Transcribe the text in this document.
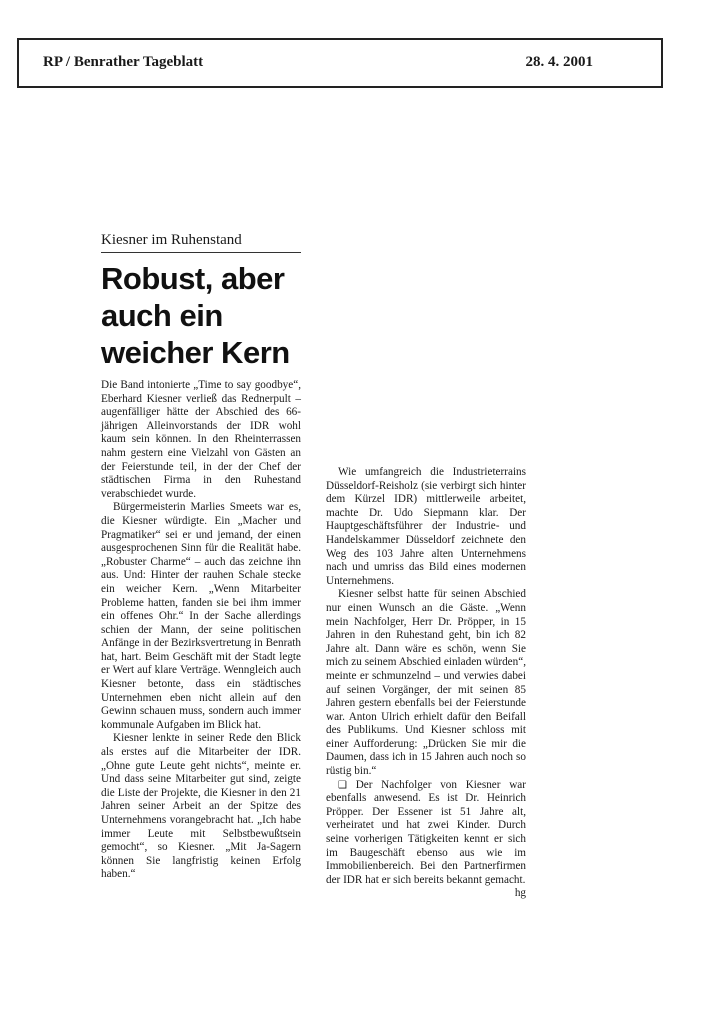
RP / Benrather Tageblatt	28. 4. 2001
Kiesner im Ruhenstand
Robust, aber
auch ein
weicher Kern

Die Band intonierte „Time to say goodbye“, Eberhard Kiesner verließ das Rednerpult – augenfälliger hätte der Abschied des 66-jährigen Alleinvorstands der IDR wohl kaum sein können. In den Rheinterrassen nahm gestern eine Vielzahl von Gästen an der Feierstunde teil, in der der Chef der städtischen Firma in den Ruhestand verabschiedet wurde.

Bürgermeisterin Marlies Smeets war es, die Kiesner würdigte. Ein „Macher und Pragmatiker“ sei er und jemand, der einen ausgesprochenen Sinn für die Realität habe. „Robuster Charme“ – auch das zeichne ihn aus. Und: Hinter der rauhen Schale stecke ein weicher Kern. „Wenn Mitarbeiter Probleme hatten, fanden sie bei ihm immer ein offenes Ohr.“ In der Sache allerdings schien der Mann, der seine politischen Anfänge in der Bezirksvertretung in Benrath hat, hart. Beim Geschäft mit der Stadt legte er Wert auf klare Verträge. Wenngleich auch Kiesner betonte, dass ein städtisches Unternehmen eben nicht allein auf den Gewinn schauen muss, sondern auch immer kommunale Aufgaben im Blick hat.

Kiesner lenkte in seiner Rede den Blick als erstes auf die Mitarbeiter der IDR. „Ohne gute Leute geht nichts“, meinte er. Und dass seine Mitarbeiter gut sind, zeigte die Liste der Projekte, die Kiesner in den 21 Jahren seiner Arbeit an der Spitze des Unternehmens vorangebracht hat. „Ich habe immer Leute mit Selbstbewußtsein gemocht“, so Kiesner. „Mit Ja-Sagern können Sie langfristig keinen Erfolg haben.“

Wie umfangreich die Industrieterrains Düsseldorf-Reisholz (sie verbirgt sich hinter dem Kürzel IDR) mittlerweile arbeitet, machte Dr. Udo Siepmann klar. Der Hauptgeschäftsführer der Industrie- und Handelskammer Düsseldorf zeichnete den Weg des 103 Jahre alten Unternehmens nach und umriss das Bild eines modernen Unternehmens.

Kiesner selbst hatte für seinen Abschied nur einen Wunsch an die Gäste. „Wenn mein Nachfolger, Herr Dr. Pröpper, in 15 Jahren in den Ruhestand geht, bin ich 82 Jahre alt. Dann wäre es schön, wenn Sie mich zu seinem Abschied einladen würden“, meinte er schmunzelnd – und verwies dabei auf seinen Vorgänger, der mit seinen 85 Jahren gestern ebenfalls bei der Feierstunde war. Anton Ulrich erhielt dafür den Beifall des Publikums. Und Kiesner schloss mit einer Aufforderung: „Drücken Sie mir die Daumen, dass ich in 15 Jahren auch noch so rüstig bin.“

❑ Der Nachfolger von Kiesner war ebenfalls anwesend. Es ist Dr. Heinrich Pröpper. Der Essener ist 51 Jahre alt, verheiratet und hat zwei Kinder. Durch seine vorherigen Tätigkeiten kennt er sich im Baugeschäft ebenso aus wie im Immobilienbereich. Bei den Partnerfirmen der IDR hat er sich bereits bekannt gemacht.
hg
